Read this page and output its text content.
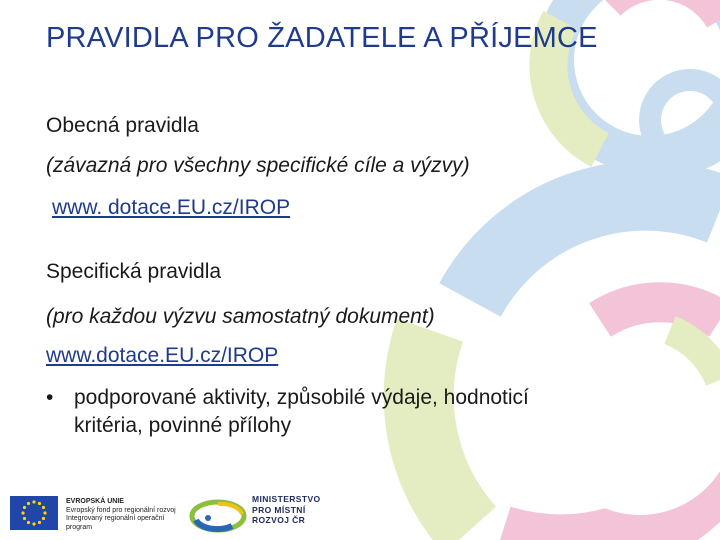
PRAVIDLA PRO ŽADATELE A PŘÍJEMCE
Obecná pravidla
(závazná pro všechny specifické cíle a výzvy)
www. dotace.EU.cz/IROP
Specifická pravidla
(pro každou výzvu samostatný dokument)
www.dotace.EU.cz/IROP
• podporované aktivity, způsobilé výdaje, hodnoticí
kritéria, povinné přílohy
EVROPSKÁ UNIE
Evropský fond pro regionální rozvoj
Integrovaný regionální operační program
MINISTERSTVO
PRO MÍSTNÍ
ROZVOJ ČR
